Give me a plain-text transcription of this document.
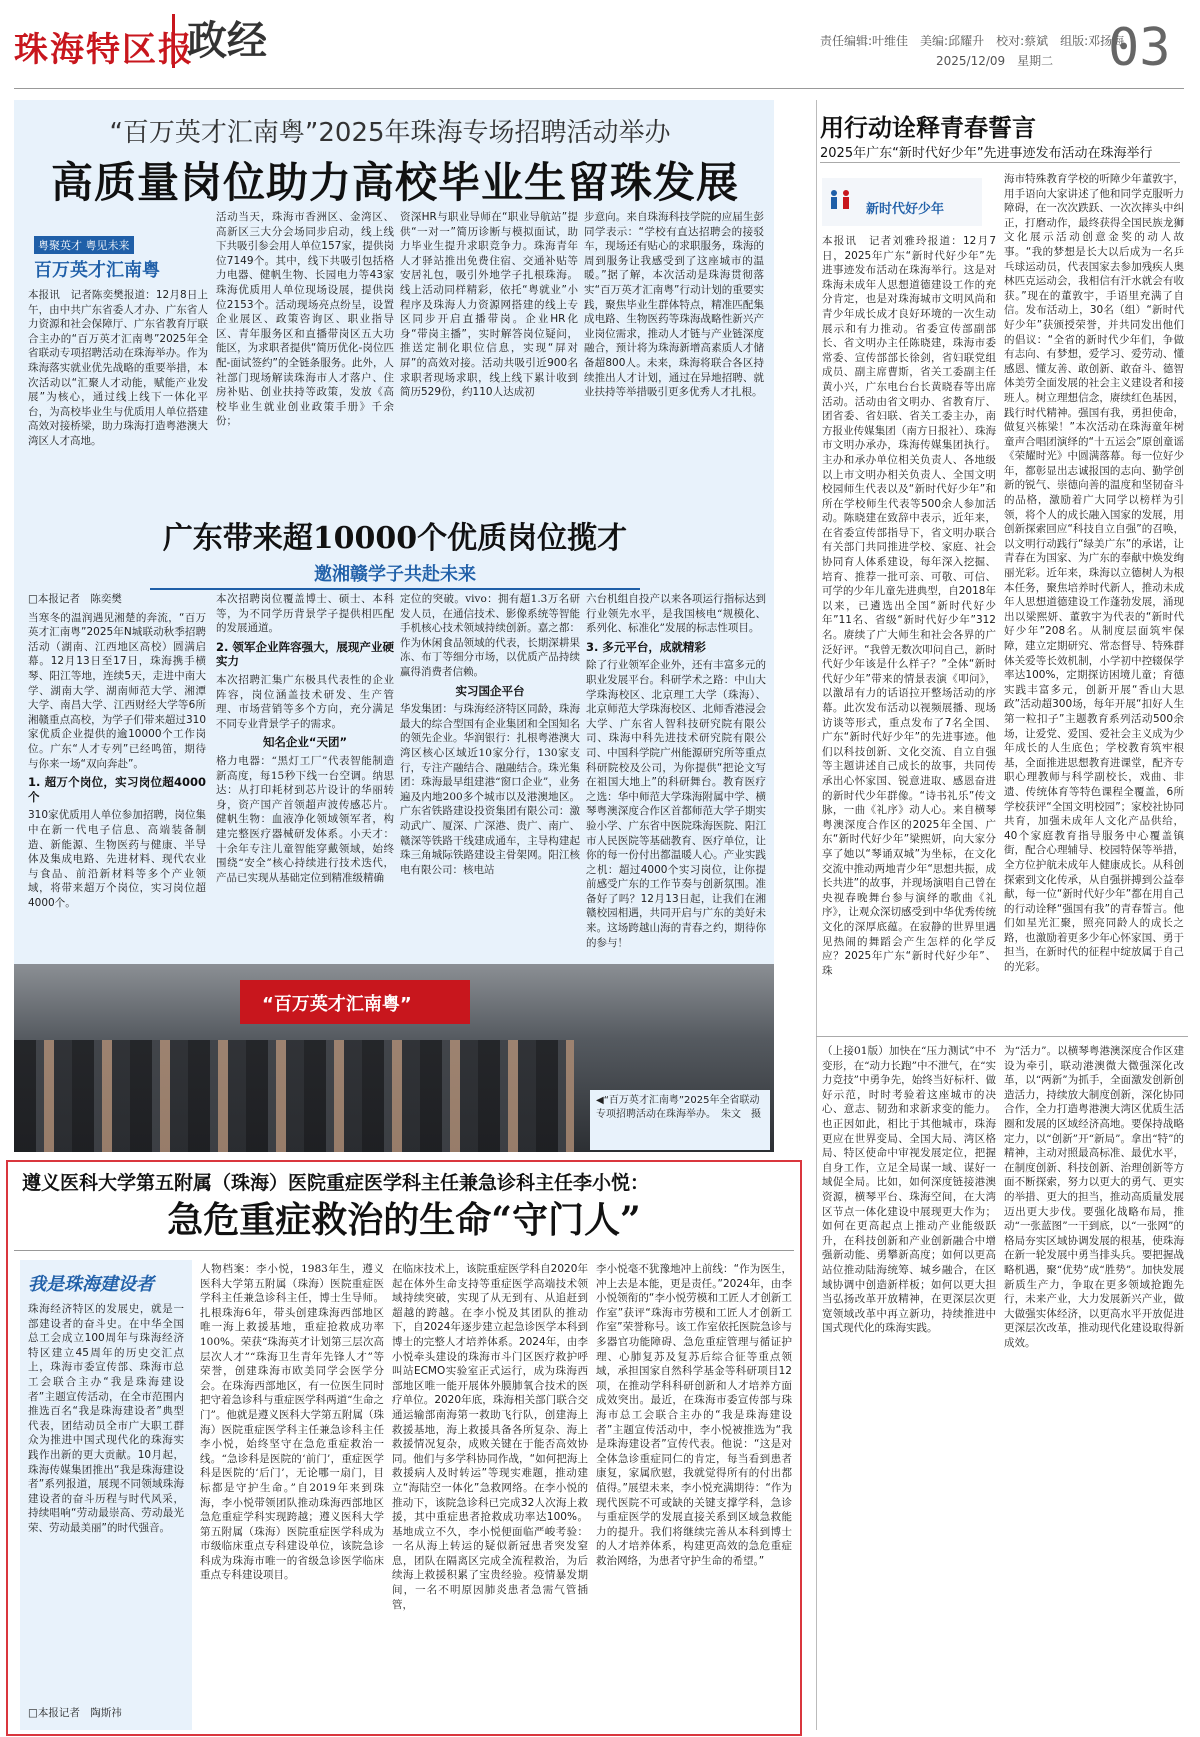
珠海特区报
政经	责任编辑:叶维佳　美编:邱耀升　校对:蔡斌　组版:邓扬海
2025/12/09　星期二 03
“百万英才汇南粤”2025年珠海专场招聘活动举办
高质量岗位助力高校毕业生留珠发展
粤聚英才 粤见未来
百万英才汇南粤
本报讯　记者陈奕樊报道：12月8日上午，由中共广东省委人才办、广东省人力资源和社会保障厅、广东省教育厅联合主办的“百万英才汇南粤”2025年全省联动专项招聘活动在珠海举办。作为珠海落实就业优先战略的重要举措，本次活动以“汇聚人才动能，赋能产业发展”为核心，通过线上线下一体化平台，为高校毕业生与优质用人单位搭建高效对接桥梁，助力珠海打造粤港澳大湾区人才高地。
活动当天，珠海市香洲区、金湾区、高新区三大分会场同步启动，线上线下共吸引参会用人单位157家，提供岗位7149个。其中，线下共吸引包括格力电器、健帆生物、长园电力等43家珠海优质用人单位现场设展，提供岗位2153个。活动现场亮点纷呈，设置企业展区、政策咨询区、职业指导区、青年服务区和直播带岗区五大功能区，为求职者提供“简历优化-岗位匹配-面试签约”的全链条服务。此外，人社部门现场解读珠海市人才落户、住房补贴、创业扶持等政策，发放《高校毕业生就业创业政策手册》千余份；
资深HR与职业导师在“职业导航站”提供“一对一”简历诊断与模拟面试，助力毕业生提升求职竞争力。珠海青年人才驿站推出免费住宿、交通补贴等安居礼包，吸引外地学子扎根珠海。线上活动同样精彩，依托“粤就业”小程序及珠海人力资源网搭建的线上专区同步开启直播带岗。企业HR化身“带岗主播”，实时解答岗位疑问，推送定制化职位信息，实现“屏对屏”的高效对接。活动共吸引近900名求职者现场求职，线上线下累计收到简历529份，约110人达成初
步意向。来自珠海科技学院的应届生彭同学表示：“学校有直达招聘会的接驳车，现场还有贴心的求职服务，珠海的周到服务让我感受到了这座城市的温暖。”据了解，本次活动是珠海贯彻落实“百万英才汇南粤”行动计划的重要实践，聚焦毕业生群体特点，精准匹配集成电路、生物医药等珠海战略性新兴产业岗位需求，推动人才链与产业链深度融合，预计将为珠海新增高素质人才储备超800人。未来，珠海将联合各区持续推出人才计划，通过在异地招聘、就业扶持等举措吸引更多优秀人才扎根。
广东带来超10000个优质岗位揽才
邀湘赣学子共赴未来
□本报记者　陈奕樊
当寒冬的温润遇见湘楚的奔流，“百万英才汇南粤”2025年N城联动秋季招聘活动（湖南、江西地区高校）圆满启幕。12月13日至17日，珠海携手横琴、阳江等地，连续5天，走进中南大学、湖南大学、湖南师范大学、湘潭大学、南昌大学、江西财经大学等6所湘赣重点高校，为学子们带来超过310家优质企业提供的逾10000个工作岗位。广东“人才专列”已经鸣笛，期待与你来一场“双向奔赴”。
1. 超万个岗位，实习岗位超4000个
310家优质用人单位参加招聘，岗位集中在新一代电子信息、高端装备制造、新能源、生物医药与健康、半导体及集成电路、先进材料、现代农业与食品、前沿新材料等多个产业领域，将带来超万个岗位，实习岗位超4000个。
本次招聘岗位覆盖博士、硕士、本科等，为不同学历背景学子提供相匹配的发展通道。
2. 领军企业阵容强大，展现产业硬实力
本次招聘汇集广东极具代表性的企业阵容，岗位涵盖技术研发、生产管理、市场营销等多个方向，充分满足不同专业背景学子的需求。
知名企业“天团”
格力电器：“黑灯工厂”代表智能制造新高度，每15秒下线一台空调。纳思达：从打印耗材到芯片设计的华丽转身，资产国产首领超声波传感芯片。健帆生物：血液净化领域领军者，构建完整医疗器械研发体系。小天才：十余年专注儿童智能穿戴领域，始终围绕“安全”核心持续进行技术迭代，产品已实现从基础定位到精准级精确
定位的突破。vivo：拥有超1.3万名研发人员，在通信技术、影像系统等智能手机核心技术领域持续创新。嘉之都：作为休闲食品领域的代表，长期深耕果冻、布丁等细分市场，以优质产品持续赢得消费者信赖。
实习国企平台
华发集团：与珠海经济特区同龄，珠海最大的综合型国有企业集团和全国知名的领先企业。华润银行：扎根粤港澳大湾区核心区域近10家分行，130家支行，专注产融结合、融融结合。珠光集团：珠海最早组建港“窗口企业”，业务遍及内地200多个城市以及港澳地区。广东省铁路建设投资集团有限公司：激动武广、厦深、广深港、贵广、南广、赣深等铁路干线建成通车，主导构建起珠三角城际铁路建设主骨架网。阳江核电有限公司：核电站
六台机组自投产以来各项运行指标达到行业领先水平，是我国核电“规模化、系列化、标准化”发展的标志性项目。
3. 多元平台，成就精彩
除了行业领军企业外，还有丰富多元的职业发展平台。科研学术之路：中山大学珠海校区、北京理工大学（珠海）、北京师范大学珠海校区、北师香港浸会大学、广东省人智科技研究院有限公司、珠海中科先进技术研究院有限公司、中国科学院广州能源研究所等重点科研院校及公司，为你提供“把论文写在祖国大地上”的科研舞台。教育医疗之选：华中师范大学珠海附属中学、横琴粤澳深度合作区首都师范大学子期实验小学、广东省中医院珠海医院、阳江市人民医院等基础教育、医疗单位，让你的每一份付出都温暖人心。产业实践之机：超过4000个实习岗位，让你提前感受广东的工作节奏与创新氛围。准备好了吗？12月13日起，让我们在湘赣校园相遇，共同开启与广东的美好未来。这场跨越山海的青春之约，期待你的参与！
“百万英才汇南粤”
◀“百万英才汇南粤”2025年全省联动专项招聘活动在珠海举办。　朱文　摄
用行动诠释青春誓言
2025年广东“新时代好少年”先进事迹发布活动在珠海举行
新时代好少年
本报讯　记者刘雅玲报道：12月7日，2025年广东“新时代好少年”先进事迹发布活动在珠海举行。这是对珠海未成年人思想道德建设工作的充分肯定，也是对珠海城市文明风尚和青少年成长成才良好环境的一次生动展示和有力推动。省委宣传部副部长、省文明办主任陈晓建，珠海市委常委、宣传部部长徐剑，省妇联党组成员、副主席曹斯，省关工委副主任黄小兴，广东电台台长黄晓春等出席活动。活动由省文明办、省教育厅、团省委、省妇联、省关工委主办，南方报业传媒集团（南方日报社）、珠海市文明办承办，珠海传媒集团执行。主办和承办单位相关负责人、各地级以上市文明办相关负责人、全国文明校园师生代表以及“新时代好少年”和所在学校师生代表等500余人参加活动。陈晓建在致辞中表示，近年来，在省委宣传部指导下，省文明办联合有关部门共同推进学校、家庭、社会协同育人体系建设，每年深入挖掘、培育、推荐一批可亲、可敬、可信、可学的少年儿童先进典型，自2018年以来，已遴选出全国“新时代好少年”11名、省级“新时代好少年”312名。赓续了广大师生和社会各界的广泛好评。“我曾无数次叩问自己，新时代好少年该是什么样子？”全体“新时代好少年”带来的情景表演《叩问》，以激昂有力的话语拉开整场活动的序幕。此次发布活动以视频展播、现场访谈等形式，重点发布了7名全国、广东“新时代好少年”的先进事迹。他们以科技创新、文化交流、自立自强等主题讲述自己成长的故事，共同传承出心怀家国、锐意进取、感恩奋进的新时代少年群像。“诗书礼乐”传文脉，一曲《礼序》动人心。来自横琴粤澳深度合作区的2025年全国、广东“新时代好少年”梁熙妍，向大家分享了她以“琴诵双城”为坐标，在文化交流中推动两地青少年“思想共振，成长共进”的故事，并现场演唱自己曾在央视春晚舞台参与演绎的歌曲《礼序》，让观众深切感受到中华优秀传统文化的深厚底蕴。在寂静的世界里遇见热闹的舞蹈会产生怎样的化学反应？2025年广东“新时代好少年”、珠
海市特殊教育学校的听障少年董敦宇，用手语向大家讲述了他和同学克服听力障碍，在一次次跌跃、一次次摔头中纠正，打磨动作，最终获得全国民族龙狮文化展示活动创意金奖的动人故事。“我的梦想是长大以后成为一名乒乓球运动员，代表国家去参加残疾人奥林匹克运动会，我相信有汗水就会有收获。”现在的董敦宇，手语里充满了自信。发布活动上，30名（组）“新时代好少年”获颁授荣誉，并共同发出他们的倡议：“全省的新时代少年们，争做有志向、有梦想，爱学习、爱劳动、懂感恩、懂友善、敢创新、敢奋斗、德智体美劳全面发展的社会主义建设者和接班人。树立理想信念，赓续红色基因，践行时代精神。强国有我，勇担使命，做复兴栋梁！”本次活动在珠海童年树童声合唱团演绎的“十五运会”原创童谣《荣耀时光》中圆满落幕。每一位好少年，都彰显出志诚报国的志向、勤学创新的锐气、崇德向善的温度和坚韧奋斗的品格，激励着广大同学以榜样为引领，将个人的成长融入国家的发展，用创新探索回应“科技自立自强”的召唤，以文明行动践行“绿美广东”的承诺，让青春在为国家、为广东的奉献中焕发绚丽光彩。近年来，珠海以立德树人为根本任务，聚焦培养时代新人，推动未成年人思想道德建设工作蓬勃发展，涌现出以梁熙妍、董敦宇为代表的“新时代好少年”208名。从制度层面筑牢保障，建立定期研究、常态督导、特殊群体关爱等长效机制，小学初中控辍保学率达100%，定期探访困境儿童；育德实践丰富多元，创新开展“香山大思政”活动超300场，每年开展“扣好人生第一粒扣子”主题教育系列活动500余场，让爱党、爱国、爱社会主义成为少年成长的人生底色；学校教育筑牢根基，全面推进思想教育进课堂，配齐专职心理教师与科学副校长，戏曲、非遗、传统体育等特色课程全覆盖，6所学校获评“全国文明校园”；家校社协同共育，加强未成年人文化产品供给，40个家庭教育指导服务中心覆盖镇街，配合心理辅导、校园特保等举措，全方位护航未成年人健康成长。从科创探索到文化传承，从自强拼搏到公益奉献，每一位“新时代好少年”都在用自己的行动诠释“强国有我”的青春誓言。他们如星光汇聚，照亮同龄人的成长之路，也激励着更多少年心怀家国、勇于担当，在新时代的征程中绽放属于自己的光彩。
（上接01版）加快在“压力测试”中不变形，在“动力长跑”中不泄气，在“实力竞技”中勇争先，始终当好标杆、做好示范，时时考验着这座城市的决心、意志、韧劲和求新求变的能力。也正因如此，相比于其他城市，珠海更应在世界变局、全国大局、湾区格局、特区使命中审视发展定位，把握自身工作，立足全局谋一域、谋好一域促全局。比如，如何深度链接港澳资源，横琴平台、珠海空间，在大湾区节点一体化建设中展现更大作为；如何在更高起点上推动产业能级跃升，在科技创新和产业创新融合中增强新动能、勇攀新高度；如何以更高站位推动陆海统筹、城乡融合，在区域协调中创造新样板；如何以更大担当弘扬改革开放精神，在更深层次更宽领域改革中再立新功，持续推进中国式现代化的珠海实践。
为“活力”。以横琴粤港澳深度合作区建设为牵引，联动港澳微大微强深化改革，以“两新”为抓手，全面激发创新创造活力，持续放大制度创新，深化协同合作，全力打造粤港澳大湾区优质生活圈和发展的区域经济高地。要保持战略定力，以“创新”开“新局”。拿出“特”的精神，主动对照最高标准、最优水平，在制度创新、科技创新、治理创新等方面不断探索，努力以更大的勇气、更实的举措、更大的担当，推动高质量发展迈出更大步伐。要强化战略布局，推动“一张蓝图”一干到底，以“一张网”的格局夯实区域协调发展的根基，使珠海在新一轮发展中勇当排头兵。要把握战略机遇，聚“优势”成“胜势”。加快发展新质生产力，争取在更多领域抢跑先行，未来产业，大力发展新兴产业，做大做强实体经济，以更高水平开放促进更深层次改革，推动现代化建设取得新成效。
遵义医科大学第五附属（珠海）医院重症医学科主任兼急诊科主任李小悦：
急危重症救治的生命“守门人”
我是珠海建设者
珠海经济特区的发展史，就是一部建设者的奋斗史。在中华全国总工会成立100周年与珠海经济特区建立45周年的历史交汇点上，珠海市委宣传部、珠海市总工会联合主办“我是珠海建设者”主题宣传活动，在全市范围内推选百名“我是珠海建设者”典型代表，团结动员全市广大职工群众为推进中国式现代化的珠海实践作出新的更大贡献。10月起，珠海传媒集团推出“我是珠海建设者”系列报道，展现不同领域珠海建设者的奋斗历程与时代风采，持续唱响“劳动最崇高、劳动最光荣、劳动最美丽”的时代强音。
□本报记者　陶斯祎
人物档案：李小悦，1983年生，遵义医科大学第五附属（珠海）医院重症医学科主任兼急诊科主任，博士生导师。扎根珠海6年，带头创建珠海西部地区唯一海上救援基地，重症抢救成功率100%。荣获“珠海英才计划第三层次高层次人才”“珠海卫生青年先锋人才”等荣誉，创建珠海市欧美同学会医学分会。在珠海西部地区，有一位医生同时把守着急诊科与重症医学科两道“生命之门”。他就是遵义医科大学第五附属（珠海）医院重症医学科主任兼急诊科主任李小悦，始终坚守在急危重症救治一线。“急诊科是医院的‘前门’，重症医学科是医院的‘后门’，无论哪一扇门，目标都是守护生命。”自2019年来到珠海，李小悦带领团队推动珠海西部地区急危重症学科实现跨越；遵义医科大学第五附属（珠海）医院重症医学科成为市级临床重点专科建设单位，该院急诊科成为珠海市唯一的省级急诊医学临床重点专科建设项目。
在临床技术上，该院重症医学科自2020年起在体外生命支持等重症医学高端技术领域持续突破，实现了从无到有、从追赶到超越的跨越。在李小悦及其团队的推动下，自2024年逐步建立起急诊医学本科到博士的完整人才培养体系。2024年，由李小悦牵头建设的珠海市斗门区医疗救护呼叫站ECMO实验室正式运行，成为珠海西部地区唯一能开展体外膜肺氧合技术的医疗单位。2020年底，珠海相关部门联合交通运输部南海第一救助飞行队，创建海上救援基地，海上救援具备各所复杂、海上救援情况复杂，成败关键在于能否高效协同。他们与多学科协同作战，“如何把海上救援病人及时转运”等现实难题，推动建立“海陆空一体化”急救网络。在李小悦的推动下，该院急诊科已完成32人次海上救援，其中重症患者抢救成功率达100%。基地成立不久，李小悦便面临严峻考验：一名从海上转运的疑似新冠患者突发窒息，团队在隔离区完成全流程救治，为后续海上救援积累了宝贵经验。疫情暴发期间，一名不明原因肺炎患者急需气管插管，
李小悦毫不犹豫地冲上前线：“作为医生，冲上去是本能，更是责任。”2024年，由李小悦领衔的“李小悦劳模和工匠人才创新工作室”获评“珠海市劳模和工匠人才创新工作室”荣誉称号。该工作室依托医院急诊与多器官功能障碍、急危重症管理与循证护理、心肺复苏及复苏后综合征等重点领域，承担国家自然科学基金等科研项目12项，在推动学科科研创新和人才培养方面成效突出。最近，在珠海市委宣传部与珠海市总工会联合主办的“我是珠海建设者”主题宣传活动中，李小悦被推选为“我是珠海建设者”宣传代表。他说：“这是对全体急诊重症同仁的肯定，每当看到患者康复，家属欣慰，我就觉得所有的付出都值得。”展望未来，李小悦充满期待：“作为现代医院不可或缺的关键支撑学科，急诊与重症医学的发展直接关系到区域急救能力的提升。我们将继续完善从本科到博士的人才培养体系，构建更高效的急危重症救治网络，为患者守护生命的希望。”
